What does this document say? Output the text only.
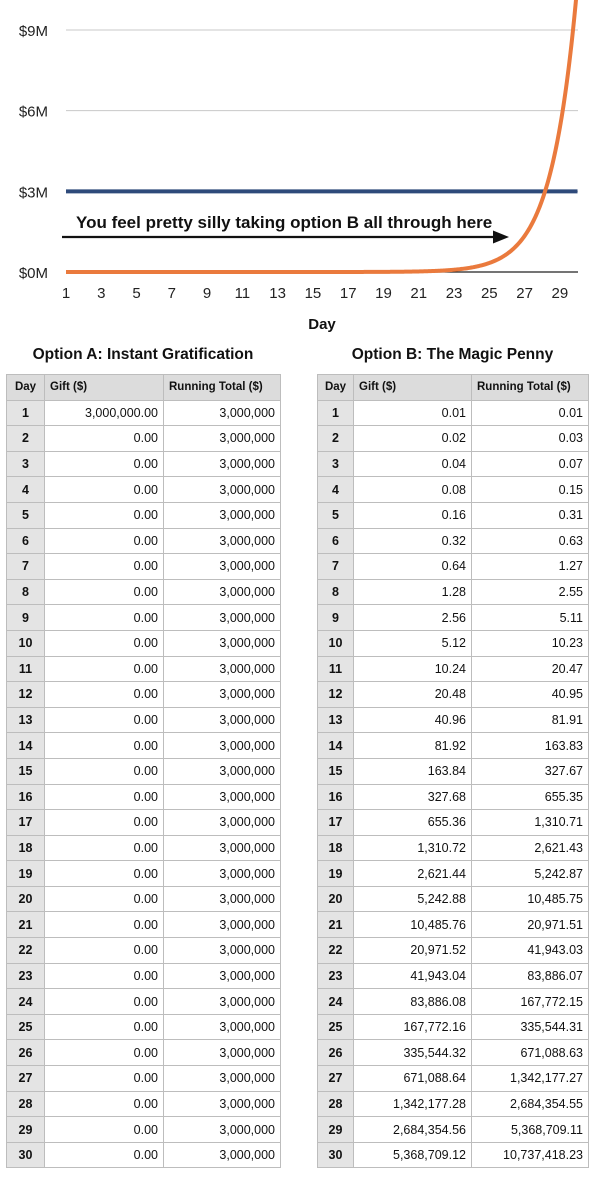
$0M
$3M
$6M
$9M
1 3 5 7 9 11 13 15 17 19 21 23 25 27 29
You feel pretty silly taking option B all through here
Day
Option A: Instant Gratification	Option B: The Magic Penny
Day	Gift ($)	Running Total ($)
1	3,000,000.00	3,000,000
2	0.00	3,000,000
3	0.00	3,000,000
4	0.00	3,000,000
5	0.00	3,000,000
6	0.00	3,000,000
7	0.00	3,000,000
8	0.00	3,000,000
9	0.00	3,000,000
10	0.00	3,000,000
11	0.00	3,000,000
12	0.00	3,000,000
13	0.00	3,000,000
14	0.00	3,000,000
15	0.00	3,000,000
16	0.00	3,000,000
17	0.00	3,000,000
18	0.00	3,000,000
19	0.00	3,000,000
20	0.00	3,000,000
21	0.00	3,000,000
22	0.00	3,000,000
23	0.00	3,000,000
24	0.00	3,000,000
25	0.00	3,000,000
26	0.00	3,000,000
27	0.00	3,000,000
28	0.00	3,000,000
29	0.00	3,000,000
30	0.00	3,000,000
Day	Gift ($)	Running Total ($)
1	0.01	0.01
2	0.02	0.03
3	0.04	0.07
4	0.08	0.15
5	0.16	0.31
6	0.32	0.63
7	0.64	1.27
8	1.28	2.55
9	2.56	5.11
10	5.12	10.23
11	10.24	20.47
12	20.48	40.95
13	40.96	81.91
14	81.92	163.83
15	163.84	327.67
16	327.68	655.35
17	655.36	1,310.71
18	1,310.72	2,621.43
19	2,621.44	5,242.87
20	5,242.88	10,485.75
21	10,485.76	20,971.51
22	20,971.52	41,943.03
23	41,943.04	83,886.07
24	83,886.08	167,772.15
25	167,772.16	335,544.31
26	335,544.32	671,088.63
27	671,088.64	1,342,177.27
28	1,342,177.28	2,684,354.55
29	2,684,354.56	5,368,709.11
30	5,368,709.12	10,737,418.23
